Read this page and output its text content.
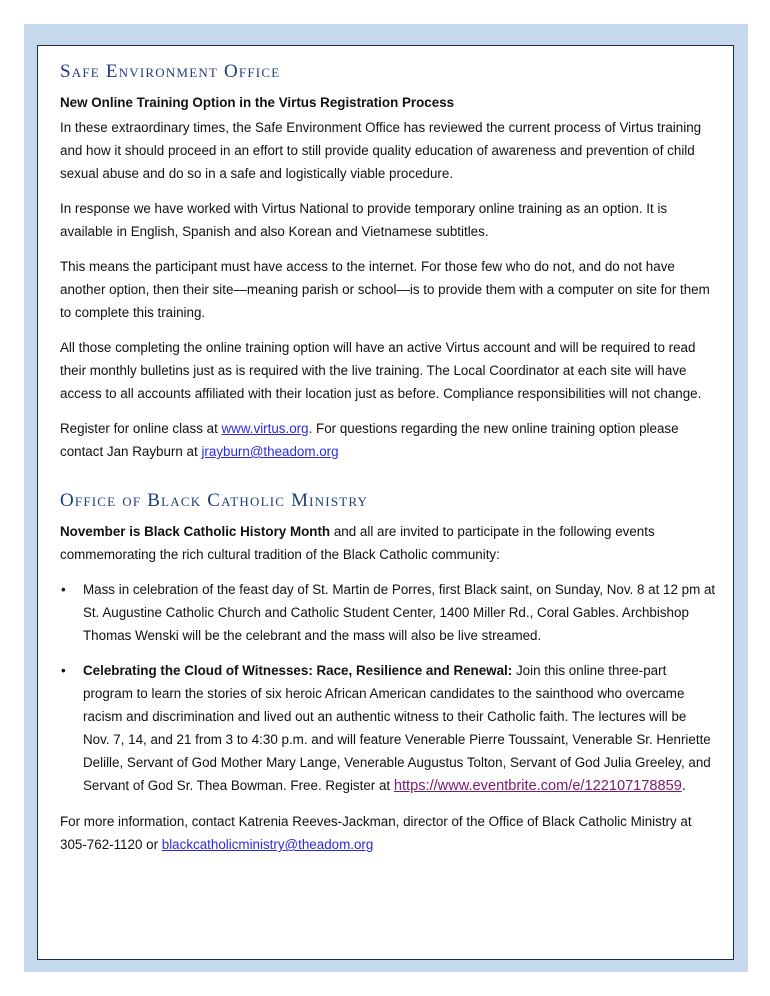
Safe Environment Office
New Online Training Option in the Virtus Registration Process

In these extraordinary times, the Safe Environment Office has reviewed the current process of Virtus training and how it should proceed in an effort to still provide quality education of awareness and prevention of child sexual abuse and do so in a safe and logistically viable procedure.

In response we have worked with Virtus National to provide temporary online training as an option. It is available in English, Spanish and also Korean and Vietnamese subtitles.

This means the participant must have access to the internet. For those few who do not, and do not have another option, then their site—meaning parish or school—is to provide them with a computer on site for them to complete this training.

All those completing the online training option will have an active Virtus account and will be required to read their monthly bulletins just as is required with the live training. The Local Coordinator at each site will have access to all accounts affiliated with their location just as before. Compliance responsibilities will not change.

Register for online class at www.virtus.org. For questions regarding the new online training option please contact Jan Rayburn at jrayburn@theadom.org

Office of Black Catholic Ministry

November is Black Catholic History Month and all are invited to participate in the following events commemorating the rich cultural tradition of the Black Catholic community:

• Mass in celebration of the feast day of St. Martin de Porres, first Black saint, on Sunday, Nov. 8 at 12 pm at St. Augustine Catholic Church and Catholic Student Center, 1400 Miller Rd., Coral Gables. Archbishop Thomas Wenski will be the celebrant and the mass will also be live streamed.
• Celebrating the Cloud of Witnesses: Race, Resilience and Renewal: Join this online three-part program to learn the stories of six heroic African American candidates to the sainthood who overcame racism and discrimination and lived out an authentic witness to their Catholic faith. The lectures will be Nov. 7, 14, and 21 from 3 to 4:30 p.m. and will feature Venerable Pierre Toussaint, Venerable Sr. Henriette Delille, Servant of God Mother Mary Lange, Venerable Augustus Tolton, Servant of God Julia Greeley, and Servant of God Sr. Thea Bowman. Free. Register at https://www.eventbrite.com/e/122107178859.

For more information, contact Katrenia Reeves-Jackman, director of the Office of Black Catholic Ministry at 305-762-1120 or blackcatholicministry@theadom.org
